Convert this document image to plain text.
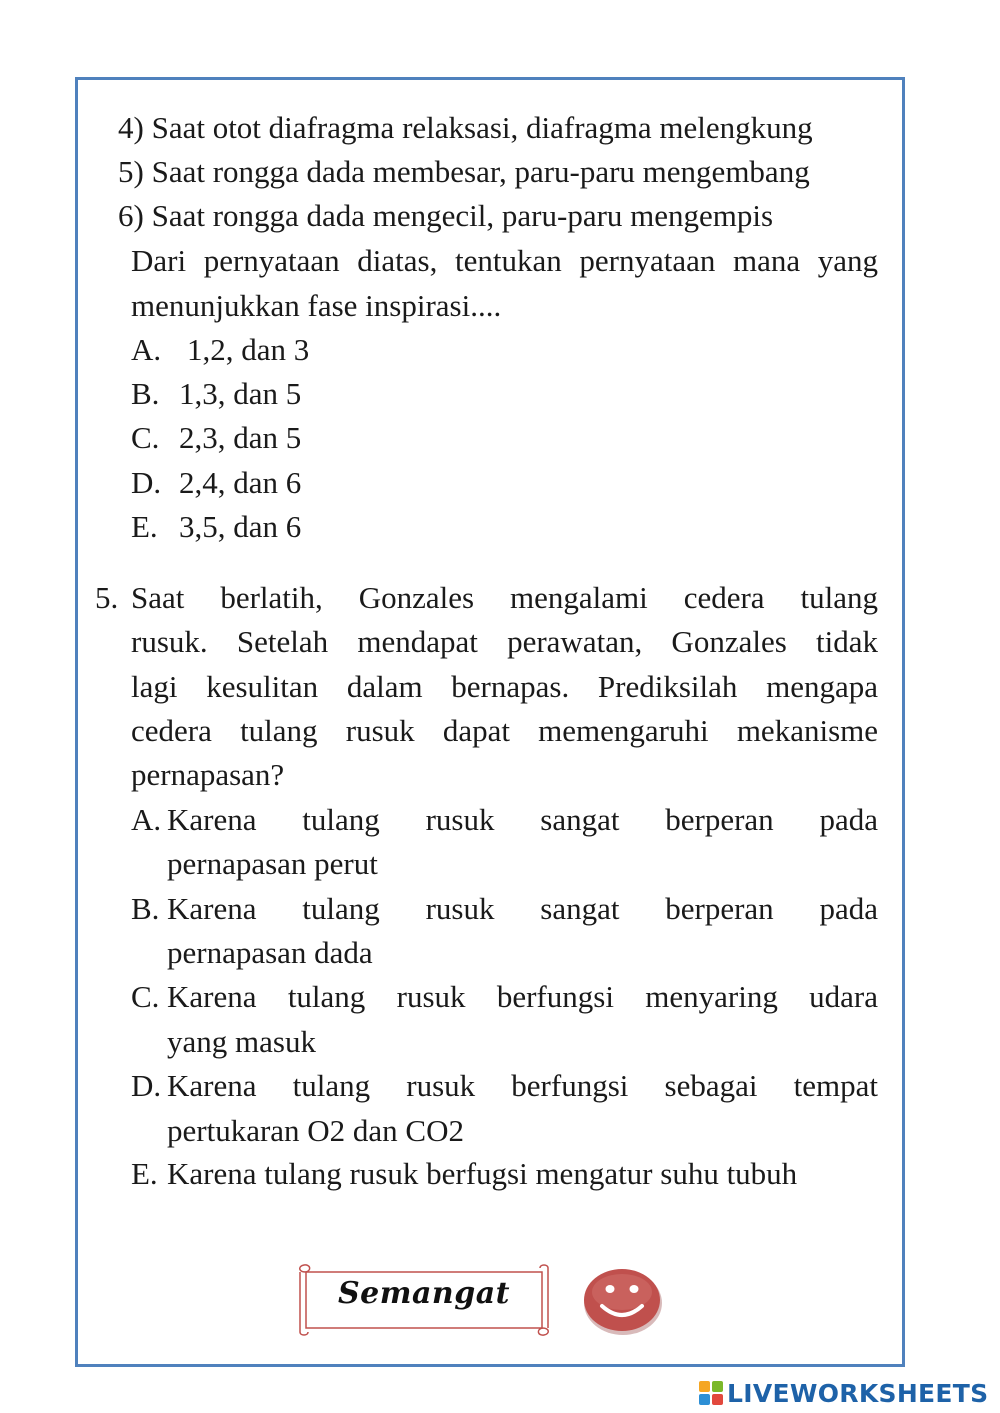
4) Saat otot diafragma relaksasi, diafragma melengkung
5) Saat rongga dada membesar, paru-paru mengembang
6) Saat rongga dada mengecil, paru-paru mengempis
Dari pernyataan diatas, tentukan pernyataan mana yang
menunjukkan fase inspirasi....
A. 1,2, dan 3
B. 1,3, dan 5
C. 2,3, dan 5
D. 2,4, dan 6
E. 3,5, dan 6
5. Saat berlatih, Gonzales mengalami cedera tulang
rusuk. Setelah mendapat perawatan, Gonzales tidak
lagi kesulitan dalam bernapas. Prediksilah mengapa
cedera tulang rusuk dapat memengaruhi mekanisme
pernapasan?
A. Karena tulang rusuk sangat berperan pada
pernapasan perut
B. Karena tulang rusuk sangat berperan pada
pernapasan dada
C. Karena tulang rusuk berfungsi menyaring udara
yang masuk
D. Karena tulang rusuk berfungsi sebagai tempat
pertukaran O2 dan CO2
E. Karena tulang rusuk berfugsi mengatur suhu tubuh
Semangat
LIVEWORKSHEETS
